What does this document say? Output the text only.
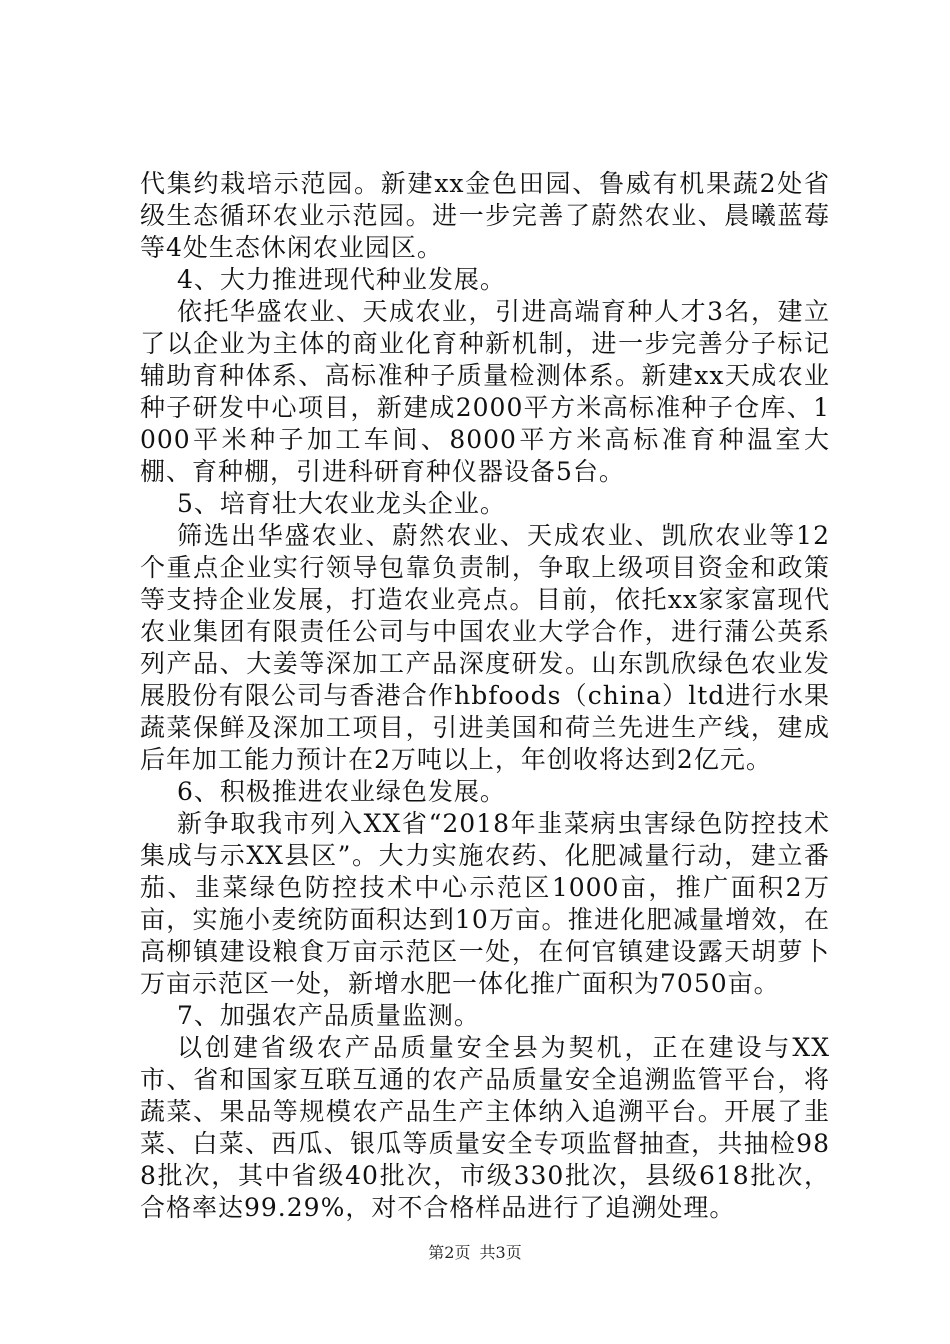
代集约栽培示范园。新建xx金色田园、鲁威有机果蔬2处省级生态循环农业示范园。进一步完善了蔚然农业、晨曦蓝莓等4处生态休闲农业园区。

4、大力推进现代种业发展。

依托华盛农业、天成农业，引进高端育种人才3名，建立了以企业为主体的商业化育种新机制，进一步完善分子标记辅助育种体系、高标准种子质量检测体系。新建xx天成农业种子研发中心项目，新建成2000平方米高标准种子仓库、1000平米种子加工车间、8000平方米高标准育种温室大棚、育种棚，引进科研育种仪器设备5台。

5、培育壮大农业龙头企业。

筛选出华盛农业、蔚然农业、天成农业、凯欣农业等12个重点企业实行领导包靠负责制，争取上级项目资金和政策等支持企业发展，打造农业亮点。目前，依托xx家家富现代农业集团有限责任公司与中国农业大学合作，进行蒲公英系列产品、大姜等深加工产品深度研发。山东凯欣绿色农业发展股份有限公司与香港合作hbfoods（china）ltd进行水果蔬菜保鲜及深加工项目，引进美国和荷兰先进生产线，建成后年加工能力预计在2万吨以上，年创收将达到2亿元。

6、积极推进农业绿色发展。

新争取我市列入XX省“2018年韭菜病虫害绿色防控技术集成与示XX县区”。大力实施农药、化肥减量行动，建立番茄、韭菜绿色防控技术中心示范区1000亩，推广面积2万亩，实施小麦统防面积达到10万亩。推进化肥减量增效，在高柳镇建设粮食万亩示范区一处，在何官镇建设露天胡萝卜万亩示范区一处，新增水肥一体化推广面积为7050亩。

7、加强农产品质量监测。

以创建省级农产品质量安全县为契机，正在建设与XX市、省和国家互联互通的农产品质量安全追溯监管平台，将蔬菜、果品等规模农产品生产主体纳入追溯平台。开展了韭菜、白菜、西瓜、银瓜等质量安全专项监督抽查，共抽检988批次，其中省级40批次，市级330批次，县级618批次，合格率达99.29%，对不合格样品进行了追溯处理。

第2页 共3页
